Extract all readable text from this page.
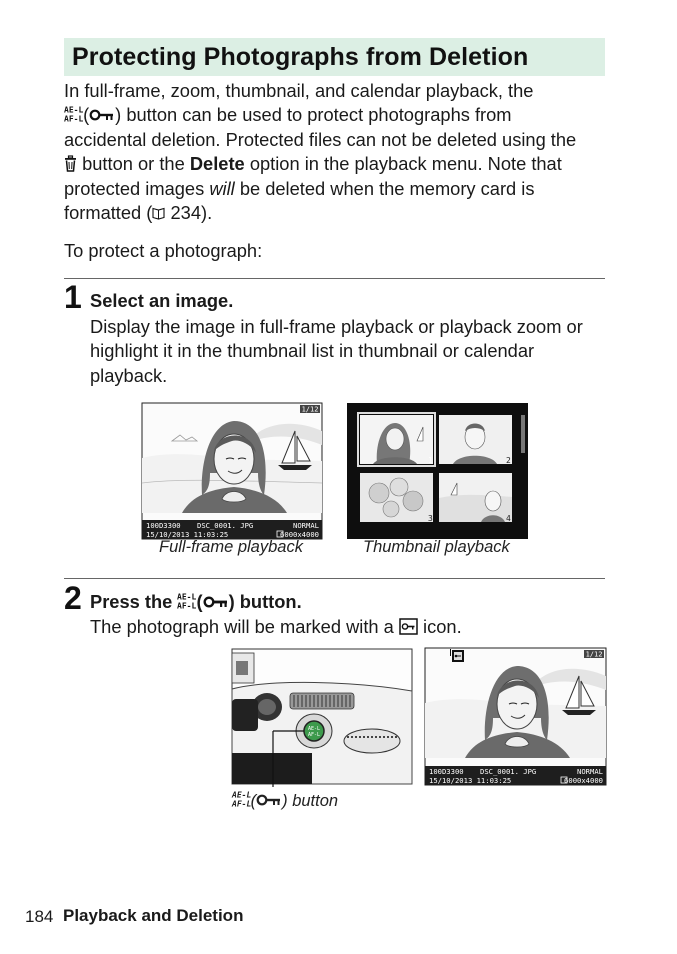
Protecting Photographs from Deletion
In full-frame, zoom, thumbnail, and calendar playback, the

AE-L
AF-L
( ) button can be used to protect photographs from
accidental deletion. Protected files can not be deleted using the
button or the Delete option in the playback menu. Note that
protected images will be deleted when the memory card is
formatted ( 234).
To protect a photograph:
1 Select an image.
Display the image in full-frame playback or playback zoom or highlight it in the thumbnail list in thumbnail or calendar playback.
1/12
100D3300 DSC_0001. JPG	NORMAL
15/10/2013 11:03:25	6000x4000
1	2
3	4
Full-frame playback	Thumbnail playback
2 Press the AE-L
AF-L
( ) button.
The photograph will be marked with a icon.
AE-L
AF-L
1/12
100D3300 DSC_0001. JPG	NORMAL
15/10/2013 11:03:25	6000x4000
AE-L
AF-L
( ) button
184 Playback and Deletion
